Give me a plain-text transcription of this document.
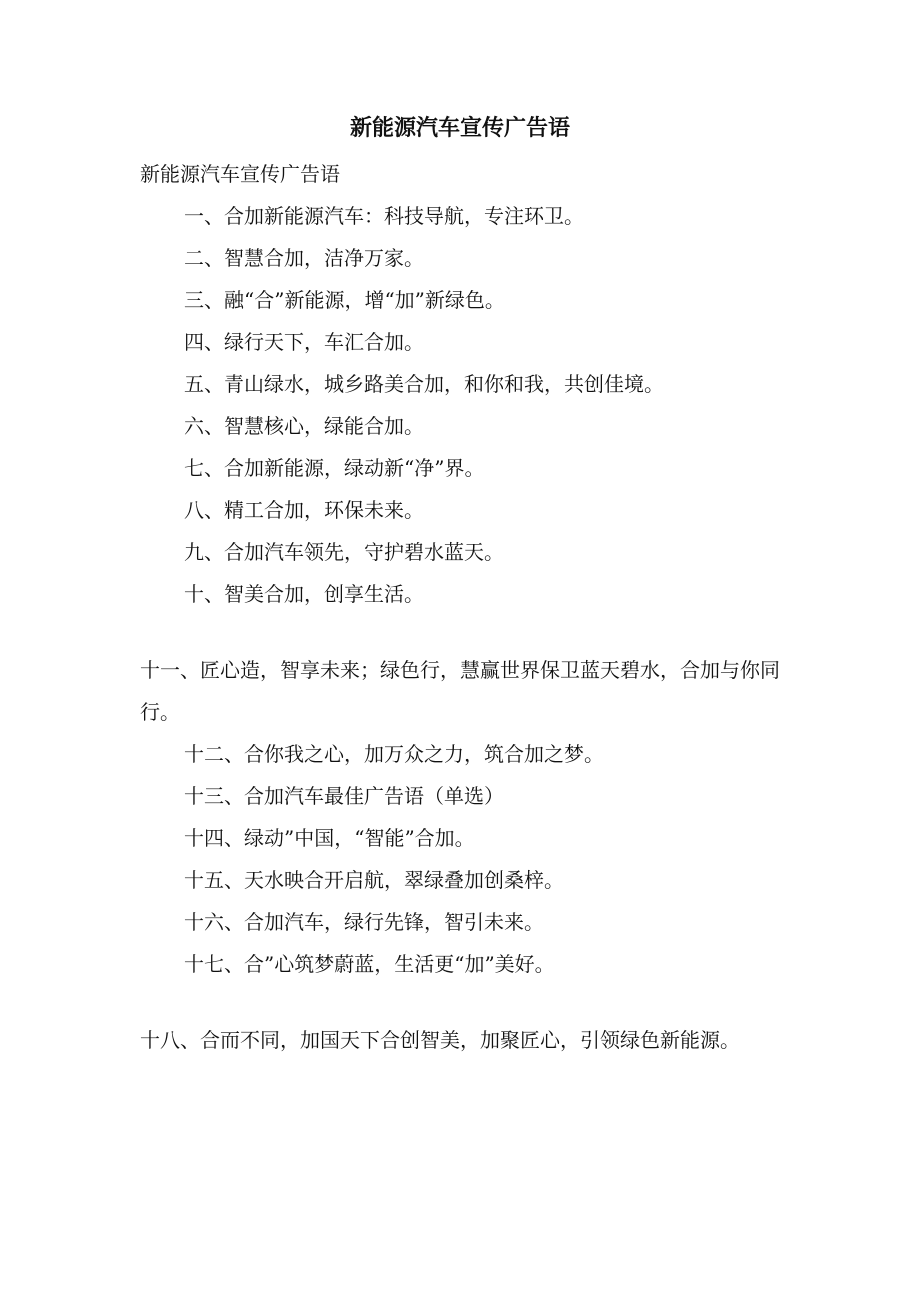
新能源汽车宣传广告语
新能源汽车宣传广告语
一、合加新能源汽车：科技导航，专注环卫。
二、智慧合加，洁净万家。
三、融“合”新能源，增“加”新绿色。
四、绿行天下，车汇合加。
五、青山绿水，城乡路美合加，和你和我，共创佳境。
六、智慧核心，绿能合加。
七、合加新能源，绿动新“净”界。
八、精工合加，环保未来。
九、合加汽车领先，守护碧水蓝天。
十、智美合加，创享生活。
十一、匠心造，智享未来；绿色行，慧赢世界保卫蓝天碧水，合加与你同行。
十二、合你我之心，加万众之力，筑合加之梦。
十三、合加汽车最佳广告语（单选）
十四、绿动”中国，“智能”合加。
十五、天水映合开启航，翠绿叠加创桑梓。
十六、合加汽车，绿行先锋，智引未来。
十七、合”心筑梦蔚蓝，生活更“加”美好。
十八、合而不同，加国天下合创智美，加聚匠心，引领绿色新能源。
